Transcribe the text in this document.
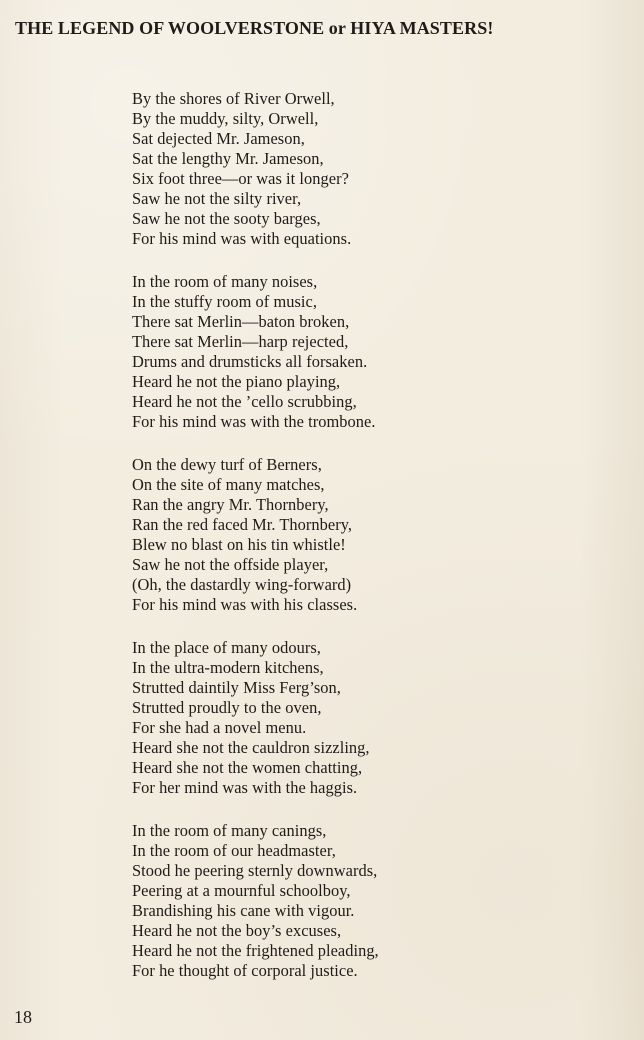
THE LEGEND OF WOOLVERSTONE or HIYA MASTERS!
By the shores of River Orwell,
By the muddy, silty, Orwell,
Sat dejected Mr. Jameson,
Sat the lengthy Mr. Jameson,
Six foot three—or was it longer?
Saw he not the silty river,
Saw he not the sooty barges,
For his mind was with equations.
In the room of many noises,
In the stuffy room of music,
There sat Merlin—baton broken,
There sat Merlin—harp rejected,
Drums and drumsticks all forsaken.
Heard he not the piano playing,
Heard he not the ’cello scrubbing,
For his mind was with the trombone.
On the dewy turf of Berners,
On the site of many matches,
Ran the angry Mr. Thornbery,
Ran the red faced Mr. Thornbery,
Blew no blast on his tin whistle!
Saw he not the offside player,
(Oh, the dastardly wing-forward)
For his mind was with his classes.
In the place of many odours,
In the ultra-modern kitchens,
Strutted daintily Miss Ferg’son,
Strutted proudly to the oven,
For she had a novel menu.
Heard she not the cauldron sizzling,
Heard she not the women chatting,
For her mind was with the haggis.
In the room of many canings,
In the room of our headmaster,
Stood he peering sternly downwards,
Peering at a mournful schoolboy,
Brandishing his cane with vigour.
Heard he not the boy’s excuses,
Heard he not the frightened pleading,
For he thought of corporal justice.
18
